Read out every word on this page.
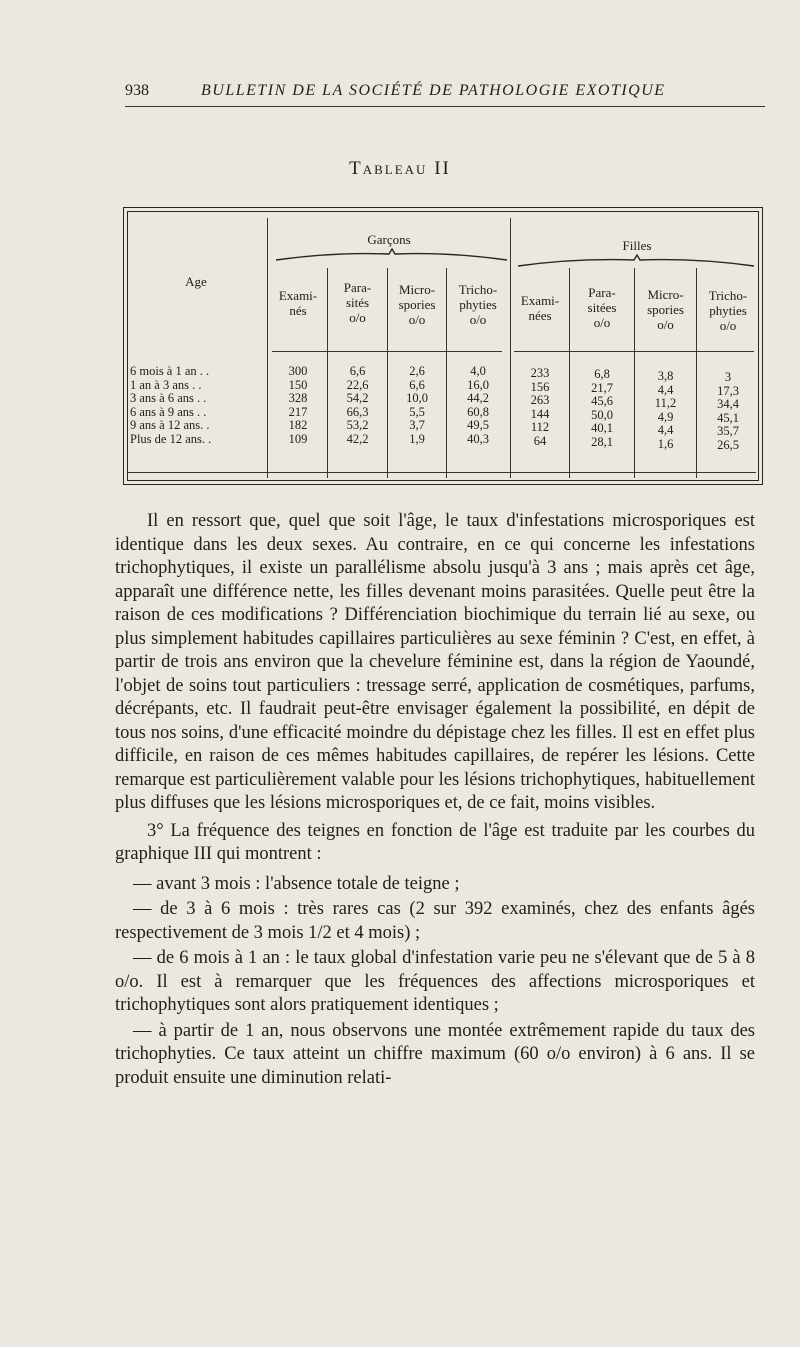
938	BULLETIN DE LA SOCIÉTÉ DE PATHOLOGIE EXOTIQUE
Tableau II
Age
Garçons	Filles
Exami-
nés
Para-
sités
o/o
Micro-
spories
o/o
Tricho-
phyties
o/o
Exami-
nées
Para-
sitées
o/o
Micro-
spories
o/o
Tricho-
phyties
o/o
6 mois à 1 an . .
1 an à 3 ans . .
3 ans à 6 ans . .
6 ans à 9 ans . .
9 ans à 12 ans. .
Plus de 12 ans. .
300
150
328
217
182
109
6,6
22,6
54,2
66,3
53,2
42,2
2,6
6,6
10,0
5,5
3,7
1,9
4,0
16,0
44,2
60,8
49,5
40,3
233
156
263
144
112
64
6,8
21,7
45,6
50,0
40,1
28,1
3,8
4,4
11,2
4,9
4,4
1,6
3
17,3
34,4
45,1
35,7
26,5

Il en ressort que, quel que soit l'âge, le taux d'infestations microsporiques est identique dans les deux sexes. Au contraire, en ce qui concerne les infestations trichophytiques, il existe un parallélisme absolu jusqu'à 3 ans ; mais après cet âge, apparaît une différence nette, les filles devenant moins parasitées. Quelle peut être la raison de ces modifications ? Différenciation biochimique du terrain lié au sexe, ou plus simplement habitudes capillaires particulières au sexe féminin ? C'est, en effet, à partir de trois ans environ que la chevelure féminine est, dans la région de Yaoundé, l'objet de soins tout particuliers : tressage serré, application de cosmétiques, parfums, décrépants, etc. Il faudrait peut-être envisager également la possibilité, en dépit de tous nos soins, d'une efficacité moindre du dépistage chez les filles. Il est en effet plus difficile, en raison de ces mêmes habitudes capillaires, de repérer les lésions. Cette remarque est particulièrement valable pour les lésions trichophytiques, habituellement plus diffuses que les lésions microsporiques et, de ce fait, moins visibles.

3° La fréquence des teignes en fonction de l'âge est traduite par les courbes du graphique III qui montrent :

— avant 3 mois : l'absence totale de teigne ;

— de 3 à 6 mois : très rares cas (2 sur 392 examinés, chez des enfants âgés respectivement de 3 mois 1/2 et 4 mois) ;

— de 6 mois à 1 an : le taux global d'infestation varie peu ne s'élevant que de 5 à 8 o/o. Il est à remarquer que les fréquences des affections microsporiques et trichophytiques sont alors pratiquement identiques ;

— à partir de 1 an, nous observons une montée extrêmement rapide du taux des trichophyties. Ce taux atteint un chiffre maximum (60 o/o environ) à 6 ans. Il se produit ensuite une diminution relati-
